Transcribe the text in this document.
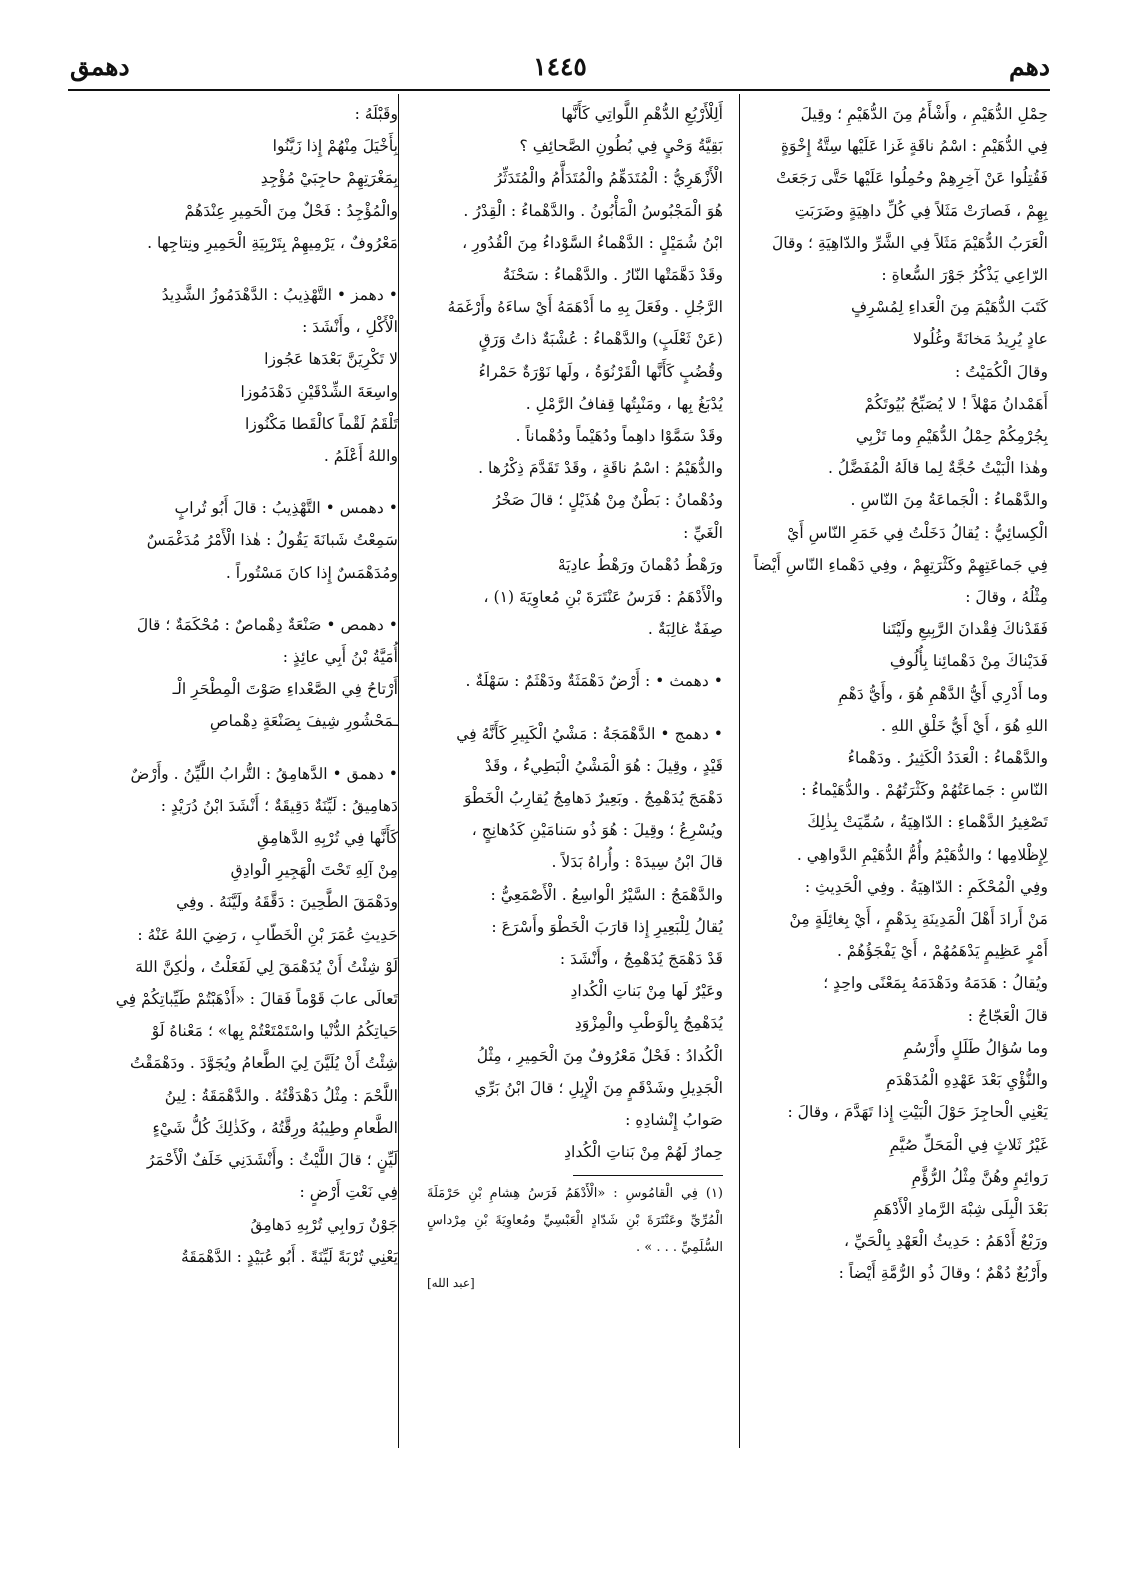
دهم
١٤٤٥
دهمق

حِمْلِ الدُّهَيْمِ ، وأَشْأَمُ مِنَ الدُّهَيْمِ ؛ وقِيلَ

فِي الدُّهَيْمِ : اسْمُ ناقَةٍ غَزا عَلَيْها سِتَّةُ إِخْوَةٍ

فَقُتِلُوا عَنْ آخِرِهِمْ وحُمِلُوا عَلَيْها حَتَّى رَجَعَتْ

بِهِمْ ، فَصارَتْ مَثَلاً فِي كُلِّ داهِيَةٍ وضَرَبَتِ

الْعَرَبُ الدُّهَيْمَ مَثَلاً فِي الشَّرِّ والدّاهِيَةِ ؛ وقالَ

الرّاعِي يَذْكُرُ جَوْرَ السُّعاةِ :

كَتَبَ الدُّهَيْمَ مِنَ الْعَداءِ لِمُسْرِفٍ

عادٍ يُرِيدُ مَخانَةً وغُلُولا

وقالَ الْكُمَيْتُ :

أَهَمْدانُ مَهْلاً ! لا يُصَبِّحُ بُيُوتَكُمْ

بِجُرْمِكُمْ حِمْلُ الدُّهَيْمِ وما تَزْبِي

وهٰذا الْبَيْتُ حُجَّةٌ لِما قالَهُ الْمُفَضَّلُ .

والدَّهْماءُ : الْجَماعَةُ مِنَ النّاسِ .

الْكِسائِيُّ : يُقالُ دَخَلْتُ فِي خَمَرِ النّاسِ أَيْ

فِي جَماعَتِهِمْ وكَثْرَتِهِمْ ، وفِي دَهْماءِ النّاسِ أَيْضاً

مِثْلُهُ ، وقالَ :

فَقَدْناكَ فِقْدانَ الرَّبِيعِ ولَيْتَنا

فَدَيْناكَ مِنْ دَهْمائِنا بِأُلُوفِ

وما أَدْرِي أَيُّ الدَّهْمِ هُوَ ، وأَيُّ دَهْمِ

اللهِ هُوَ ، أَيْ أَيُّ خَلْقِ اللهِ .

والدَّهْماءُ : الْعَدَدُ الْكَثِيرُ . ودَهْماءُ

النّاسِ : جَماعَتُهُمْ وكَثْرَتُهُمْ . والدُّهَيْماءُ :

تَصْغِيرُ الدَّهْماءِ : الدّاهِيَةُ ، سُمِّيَتْ بِذٰلِكَ

لِإِظْلامِها ؛ والدُّهَيْمُ وأُمُّ الدُّهَيْمِ الدَّواهِي .

وفِي الْمُحْكَمِ : الدّاهِيَةُ . وفِي الْحَدِيثِ :

مَنْ أَرادَ أَهْلَ الْمَدِينَةِ بِدَهْمٍ ، أَيْ بِغائِلَةٍ مِنْ

أَمْرٍ عَظِيمٍ يَدْهَمُهُمْ ، أَيْ يَفْجَؤُهُمْ .

ويُقالُ : هَدَمَهُ ودَهْدَمَهُ بِمَعْنًى واحِدٍ ؛

قالَ الْعَجّاجُ :

وما سُؤالُ طَلَلٍ وأَرْسُمِ

والنُّؤْيِ بَعْدَ عَهْدِهِ الْمُدَهْدَمِ

يَعْنِي الْحاجِزَ حَوْلَ الْبَيْتِ إِذا تَهَدَّمَ ، وقالَ :

غَيْرُ ثَلاثٍ فِي الْمَحَلِّ صُيَّمِ

رَوائِمٍ وهُنَّ مِثْلُ الرُّؤَّمِ

بَعْدَ الْبِلَى شِبْهَ الرَّمادِ الْأَدْهَمِ

ورَبْعٌ أَدْهَمُ : حَدِيثُ الْعَهْدِ بِالْحَيِّ ،

وأَرْبُعٌ دُهْمٌ ؛ وقالَ ذُو الرُّمَّةِ أَيْضاً :

أَلِلْأَرْبُعِ الدُّهْمِ اللَّواتِي كَأَنَّها

بَقِيَّةُ وَحْيٍ فِي بُطُونِ الصَّحائِفِ ؟

الْأَزْهَرِيُّ : الْمُتَدَهِّمُ والْمُتَدَأَّمُ والْمُتَدَثِّرُ

هُوَ الْمَجْبُوسُ الْمَأْبُونُ . والدَّهْماءُ : الْقِدْرُ .

ابْنُ شُمَيْلٍ : الدَّهْماءُ السَّوْداءُ مِنَ الْقُدُورِ ،

وقَدْ دَهَّمَتْها النّارُ . والدَّهْماءُ : سَحْنَةُ

الرَّجُلِ . وفَعَلَ بِهِ ما أَدْهَمَهُ أَيْ ساءَهُ وأَرْغَمَهُ

(عَنْ ثَعْلَبٍ) والدَّهْماءُ : عُشْبَةٌ ذاتُ وَرَقٍ

وقُضُبٍ كَأَنَّها الْقَرْنُوَةُ ، ولَها نَوْرَةٌ حَمْراءُ

يُدْبَغُ بِها ، ومَنْبِتُها قِفافُ الرَّمْلِ .

وقَدْ سَمَّوْا داهِماً ودُهَيْماً ودُهْماناً .

والدُّهَيْمُ : اسْمُ ناقَةٍ ، وقَدْ تَقَدَّمَ ذِكْرُها .

ودُهْمانُ : بَطْنٌ مِنْ هُذَيْلٍ ؛ قالَ صَخْرُ

الْغَيِّ :

ورَهْطُ دُهْمانَ ورَهْطُ عادِيَهْ

والْأَدْهَمُ : فَرَسُ عَنْتَرَةَ بْنِ مُعاوِيَةَ (١) ،

صِفَةٌ غالِبَةٌ .

• دهمث • : أَرْضٌ دَهْمَثَةٌ ودَهْثَمٌ : سَهْلَةٌ .

• دهمج • الدَّهْمَجَةُ : مَشْيُ الْكَبِيرِ كَأَنَّهُ فِي

قَيْدٍ ، وقِيلَ : هُوَ الْمَشْيُ الْبَطِيءُ ، وقَدْ

دَهْمَجَ يُدَهْمِجُ . وبَعِيرٌ دَهامِجُ يُقارِبُ الْخَطْوَ

ويُسْرِعُ ؛ وقِيلَ : هُوَ ذُو سَنامَيْنِ كَدُهانِجٍ ،

قالَ ابْنُ سِيدَهْ : وأُراهُ بَدَلاً .

والدَّهْمَجُ : السَّيْرُ الْواسِعُ . الْأَصْمَعِيُّ :

يُقالُ لِلْبَعِيرِ إِذا قارَبَ الْخَطْوَ وأَسْرَعَ :

قَدْ دَهْمَجَ يُدَهْمِجُ ، وأَنْشَدَ :

وعَيْرٌ لَها مِنْ بَناتِ الْكُدادِ

يُدَهْمِجُ بِالْوَطْبِ والْمِزْوَدِ

الْكُدادُ : فَحْلٌ مَعْرُوفٌ مِنَ الْحَمِيرِ ، مِثْلُ

الْجَدِيلِ وشَدْقَمٍ مِنَ الْإِبِلِ ؛ قالَ ابْنُ بَرِّي

صَوابُ إِنْشادِهِ :

حِمارٌ لَهُمْ مِنْ بَناتِ الْكُدادِ

(١) فِي الْقامُوسِ : «الْأَدْهَمُ فَرَسُ هِشامِ بْنِ حَرْمَلَةَ الْمُرِّيِّ وعَنْتَرَةَ بْنِ شَدّادٍ الْعَبْسِيِّ ومُعاوِيَةَ بْنِ مِرْداسٍ السُّلَمِيِّ . . . » .

[عبد الله]

وقَبْلَهُ :

بِأَخْيَلَ مِنْهُمْ إِذا زَيَّنُوا

بِمَغْرَتِهِمْ حاجِبَيْ مُؤْجِدِ

والْمُؤْجِدُ : فَحْلٌ مِنَ الْحَمِيرِ عِنْدَهُمْ

مَعْرُوفٌ ، يَرْمِيهِمْ بِتَرْبِيَةِ الْحَمِيرِ ونِتاجِها .

• دهمز • التَّهْذِيبُ : الدَّهْدَمُوزُ الشَّدِيدُ

الْأَكْلِ ، وأَنْشَدَ :

لا تَكْرِيَنَّ بَعْدَها عَجُوزا

واسِعَةَ الشِّدْقَيْنِ دَهْدَمُوزا

تَلْقَمُ لَقْماً كالْقَطا مَكْنُوزا

واللهُ أَعْلَمُ .

• دهمس • التَّهْذِيبُ : قالَ أَبُو تُرابٍ

سَمِعْتُ شَبانَةَ يَقُولُ : هٰذا الْأَمْرُ مُدَغْمَسٌ

ومُدَهْمَسٌ إِذا كانَ مَسْتُوراً .

• دهمص • صَنْعَةٌ دِهْماصٌ : مُحْكَمَةٌ ؛ قالَ

أُمَيَّةُ بْنُ أَبِي عائِذٍ :

أَرْتاحُ فِي الصَّعْداءِ صَوْتَ الْمِطْحَرِ الْـ

ـمَحْشُورِ شِيفَ بِصَنْعَةٍ دِهْماصِ

• دهمق • الدَّهامِقُ : التُّرابُ اللَّيِّنُ . وأَرْضٌ

دَهامِيقُ : لَيِّنَةٌ دَقِيقَةٌ ؛ أَنْشَدَ ابْنُ دُرَيْدٍ :

كَأَنَّها فِي تُرْبِهِ الدَّهامِقِ

مِنْ آلِهِ تَحْتَ الْهَجِيرِ الْوادِقِ

ودَهْمَقَ الطَّحِينَ : دَقَّقَهُ ولَيَّنَهُ . وفِي

حَدِيثِ عُمَرَ بْنِ الْخَطّابِ ، رَضِيَ اللهُ عَنْهُ :

لَوْ شِئْتُ أَنْ يُدَهْمَقَ لِي لَفَعَلْتُ ، ولٰكِنَّ اللهَ

تَعالَى عابَ قَوْماً فَقالَ : «أَذْهَبْتُمْ طَيِّباتِكُمْ فِي

حَياتِكُمُ الدُّنْيا واسْتَمْتَعْتُمْ بِها» ؛ مَعْناهُ لَوْ

شِئْتُ أَنْ يُلَيَّنَ لِيَ الطَّعامُ ويُجَوَّدَ . ودَهْمَقْتُ

اللَّحْمَ : مِثْلُ دَهْدَقْتُهُ . والدَّهْمَقَةُ : لِينُ

الطَّعامِ وطِيبُهُ ورِقَّتُهُ ، وكَذٰلِكَ كُلُّ شَيْءٍ

لَيِّنٍ ؛ قالَ اللَّيْثُ : وأَنْشَدَنِي خَلَفٌ الْأَحْمَرُ

فِي نَعْتِ أَرْضٍ :

جَوْنٌ رَوابِي تُرْبِهِ دَهامِقُ

يَعْنِي تُرْبَةً لَيِّنَةً . أَبُو عُبَيْدٍ : الدَّهْمَقَةُ
